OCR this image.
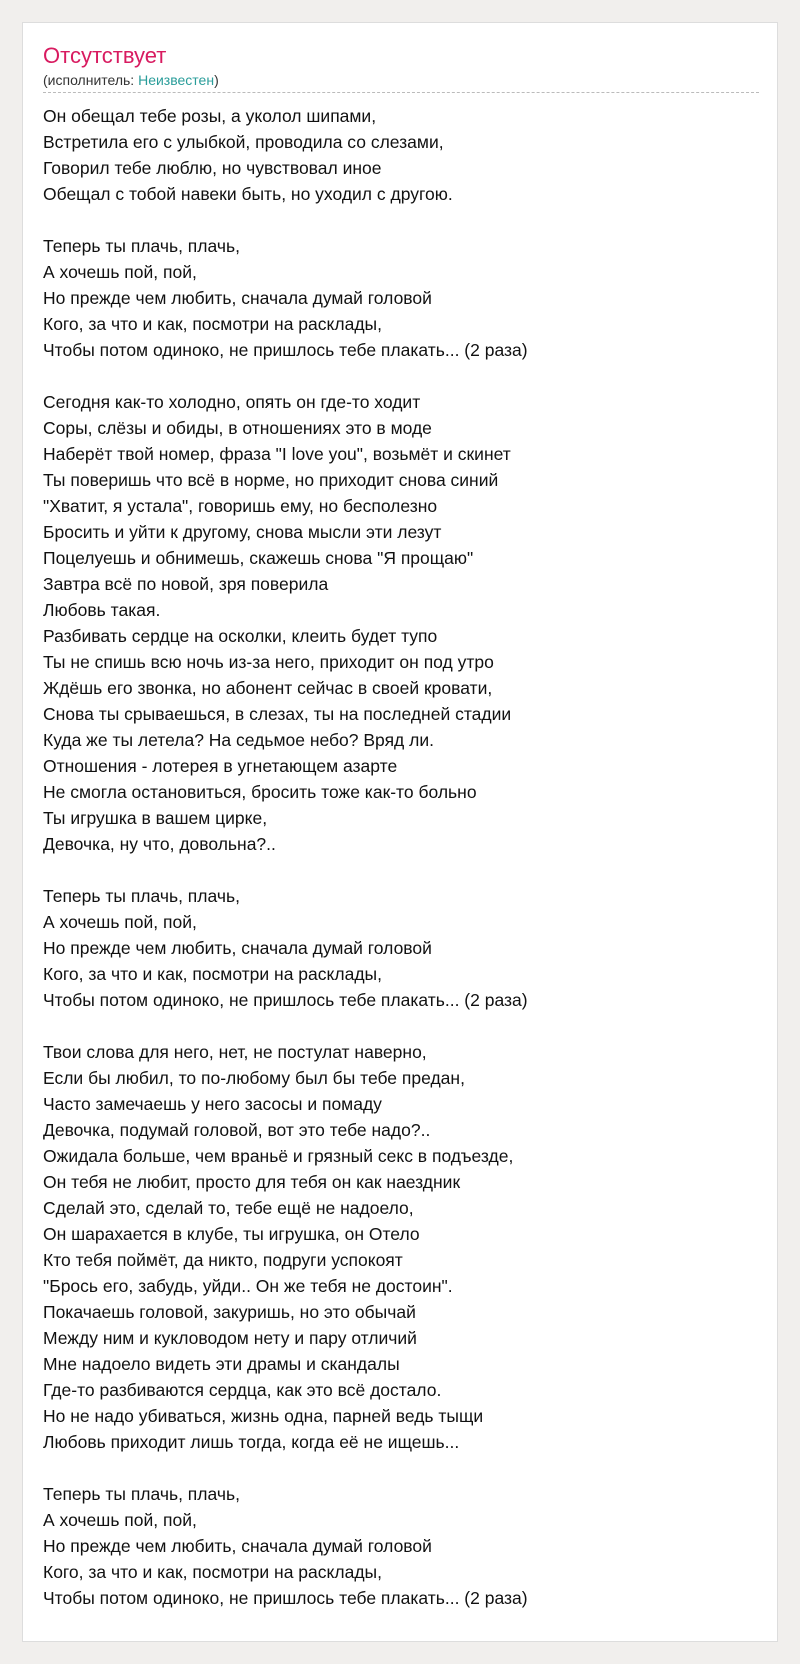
Отсутствует
(исполнитель: Неизвестен)
Он обещал тебе розы, а уколол шипами,
Встретила его с улыбкой, проводила со слезами,
Говорил тебе люблю, но чувствовал иное
Обещал с тобой навеки быть, но уходил с другою.
Теперь ты плачь, плачь,
А хочешь пой, пой,
Но прежде чем любить, сначала думай головой
Кого, за что и как, посмотри на расклады,
Чтобы потом одиноко, не пришлось тебе плакать... (2 раза)
Сегодня как-то холодно, опять он где-то ходит
Соры, слёзы и обиды, в отношениях это в моде
Наберёт твой номер, фраза "I love you", возьмёт и скинет
Ты поверишь что всё в норме, но приходит снова синий
"Хватит, я устала", говоришь ему, но бесполезно
Бросить и уйти к другому, снова мысли эти лезут
Поцелуешь и обнимешь, скажешь снова "Я прощаю"
Завтра всё по новой, зря поверила
Любовь такая.
Разбивать сердце на осколки, клеить будет тупо
Ты не спишь всю ночь из-за него, приходит он под утро
Ждёшь его звонка, но абонент сейчас в своей кровати,
Снова ты срываешься, в слезах, ты на последней стадии
Куда же ты летела? На седьмое небо? Вряд ли.
Отношения - лотерея в угнетающем азарте
Не смогла остановиться, бросить тоже как-то больно
Ты игрушка в вашем цирке,
Девочка, ну что, довольна?..
Теперь ты плачь, плачь,
А хочешь пой, пой,
Но прежде чем любить, сначала думай головой
Кого, за что и как, посмотри на расклады,
Чтобы потом одиноко, не пришлось тебе плакать... (2 раза)
Твои слова для него, нет, не постулат наверно,
Если бы любил, то по-любому был бы тебе предан,
Часто замечаешь у него засосы и помаду
Девочка, подумай головой, вот это тебе надо?..
Ожидала больше, чем враньё и грязный секс в подъезде,
Он тебя не любит, просто для тебя он как наездник
Сделай это, сделай то, тебе ещё не надоело,
Он шарахается в клубе, ты игрушка, он Отело
Кто тебя поймёт, да никто, подруги успокоят
"Брось его, забудь, уйди.. Он же тебя не достоин".
Покачаешь головой, закуришь, но это обычай
Между ним и кукловодом нету и пару отличий
Мне надоело видеть эти драмы и скандалы
Где-то разбиваются сердца, как это всё достало.
Но не надо убиваться, жизнь одна, парней ведь тыщи
Любовь приходит лишь тогда, когда её не ищешь...
Теперь ты плачь, плачь,
А хочешь пой, пой,
Но прежде чем любить, сначала думай головой
Кого, за что и как, посмотри на расклады,
Чтобы потом одиноко, не пришлось тебе плакать... (2 раза)
